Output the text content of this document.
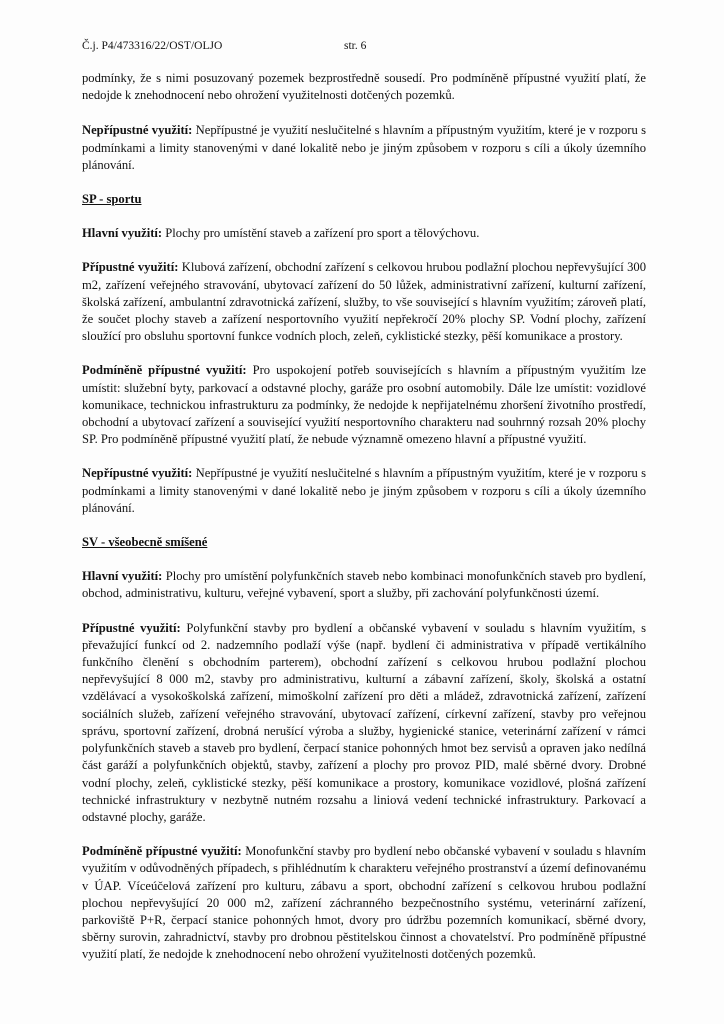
Č.j. P4/473316/22/OST/OLJO	str. 6

podmínky, že s nimi posuzovaný pozemek bezprostředně sousedí. Pro podmíněně přípustné využití platí, že nedojde k znehodnocení nebo ohrožení využitelnosti dotčených pozemků.

Nepřípustné využití: Nepřípustné je využití neslučitelné s hlavním a přípustným využitím, které je v rozporu s podmínkami a limity stanovenými v dané lokalitě nebo je jiným způsobem v rozporu s cíli a úkoly územního plánování.

SP - sportu

Hlavní využití: Plochy pro umístění staveb a zařízení pro sport a tělovýchovu.

Přípustné využití: Klubová zařízení, obchodní zařízení s celkovou hrubou podlažní plochou nepřevyšující 300 m2, zařízení veřejného stravování, ubytovací zařízení do 50 lůžek, administrativní zařízení, kulturní zařízení, školská zařízení, ambulantní zdravotnická zařízení, služby, to vše související s hlavním využitím; zároveň platí, že součet plochy staveb a zařízení nesportovního využití nepřekročí 20% plochy SP. Vodní plochy, zařízení sloužící pro obsluhu sportovní funkce vodních ploch, zeleň, cyklistické stezky, pěší komunikace a prostory.

Podmíněně přípustné využití: Pro uspokojení potřeb souvisejících s hlavním a přípustným využitím lze umístit: služební byty, parkovací a odstavné plochy, garáže pro osobní automobily. Dále lze umístit: vozidlové komunikace, technickou infrastrukturu za podmínky, že nedojde k nepřijatelnému zhoršení životního prostředí, obchodní a ubytovací zařízení a související využití nesportovního charakteru nad souhrnný rozsah 20% plochy SP. Pro podmíněně přípustné využití platí, že nebude významně omezeno hlavní a přípustné využití.

Nepřípustné využití: Nepřípustné je využití neslučitelné s hlavním a přípustným využitím, které je v rozporu s podmínkami a limity stanovenými v dané lokalitě nebo je jiným způsobem v rozporu s cíli a úkoly územního plánování.

SV - všeobecně smíšené

Hlavní využití: Plochy pro umístění polyfunkčních staveb nebo kombinaci monofunkčních staveb pro bydlení, obchod, administrativu, kulturu, veřejné vybavení, sport a služby, při zachování polyfunkčnosti území.

Přípustné využití: Polyfunkční stavby pro bydlení a občanské vybavení v souladu s hlavním využitím, s převažující funkcí od 2. nadzemního podlaží výše (např. bydlení či administrativa v případě vertikálního funkčního členění s obchodním parterem), obchodní zařízení s celkovou hrubou podlažní plochou nepřevyšující 8 000 m2, stavby pro administrativu, kulturní a zábavní zařízení, školy, školská a ostatní vzdělávací a vysokoškolská zařízení, mimoškolní zařízení pro děti a mládež, zdravotnická zařízení, zařízení sociálních služeb, zařízení veřejného stravování, ubytovací zařízení, církevní zařízení, stavby pro veřejnou správu, sportovní zařízení, drobná nerušící výroba a služby, hygienické stanice, veterinární zařízení v rámci polyfunkčních staveb a staveb pro bydlení, čerpací stanice pohonných hmot bez servisů a opraven jako nedílná část garáží a polyfunkčních objektů, stavby, zařízení a plochy pro provoz PID, malé sběrné dvory. Drobné vodní plochy, zeleň, cyklistické stezky, pěší komunikace a prostory, komunikace vozidlové, plošná zařízení technické infrastruktury v nezbytně nutném rozsahu a liniová vedení technické infrastruktury. Parkovací a odstavné plochy, garáže.

Podmíněně přípustné využití: Monofunkční stavby pro bydlení nebo občanské vybavení v souladu s hlavním využitím v odůvodněných případech, s přihlédnutím k charakteru veřejného prostranství a území definovanému v ÚAP. Víceúčelová zařízení pro kulturu, zábavu a sport, obchodní zařízení s celkovou hrubou podlažní plochou nepřevyšující 20 000 m2, zařízení záchranného bezpečnostního systému, veterinární zařízení, parkoviště P+R, čerpací stanice pohonných hmot, dvory pro údržbu pozemních komunikací, sběrné dvory, sběrny surovin, zahradnictví, stavby pro drobnou pěstitelskou činnost a chovatelství. Pro podmíněně přípustné využití platí, že nedojde k znehodnocení nebo ohrožení využitelnosti dotčených pozemků.
